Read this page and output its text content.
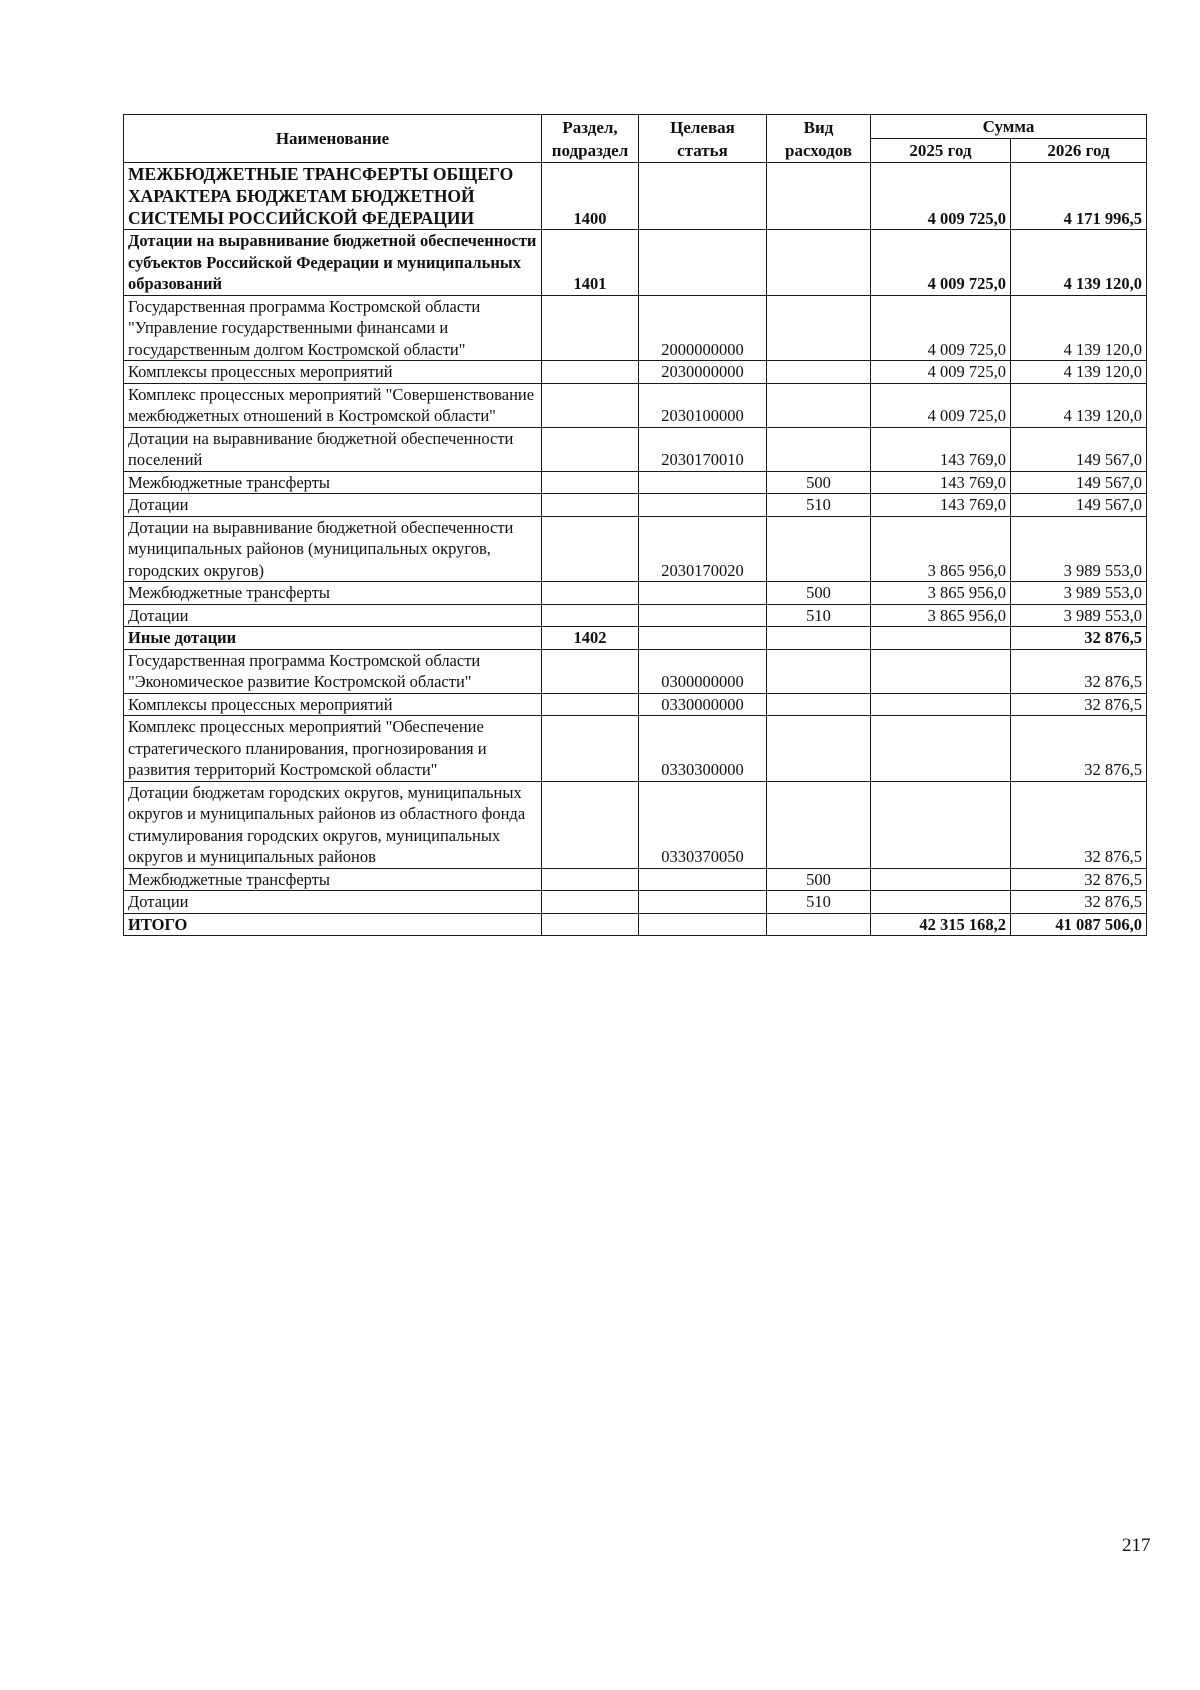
Наименование	Раздел,	Целевая	Вид	Сумма	
	подраздел	статья	расходов	2025 год	2026 год
МЕЖБЮДЖЕТНЫЕ ТРАНСФЕРТЫ ОБЩЕГО ХАРАКТЕРА БЮДЖЕТАМ БЮДЖЕТНОЙ СИСТЕМЫ РОССИЙСКОЙ ФЕДЕРАЦИИ	1400			4 009 725,0	4 171 996,5
Дотации на выравнивание бюджетной обеспеченности субъектов Российской Федерации и муниципальных образований	1401			4 009 725,0	4 139 120,0
Государственная программа Костромской области "Управление государственными финансами и государственным долгом Костромской области"		2000000000		4 009 725,0	4 139 120,0
Комплексы процессных мероприятий		2030000000		4 009 725,0	4 139 120,0
Комплекс процессных мероприятий "Совершенствование межбюджетных отношений в Костромской области"		2030100000		4 009 725,0	4 139 120,0
Дотации на выравнивание бюджетной обеспеченности поселений		2030170010		143 769,0	149 567,0
Межбюджетные трансферты			500	143 769,0	149 567,0
Дотации			510	143 769,0	149 567,0
Дотации на выравнивание бюджетной обеспеченности муниципальных районов (муниципальных округов, городских округов)		2030170020		3 865 956,0	3 989 553,0
Межбюджетные трансферты			500	3 865 956,0	3 989 553,0
Дотации			510	3 865 956,0	3 989 553,0
Иные дотации	1402				32 876,5
Государственная программа Костромской области "Экономическое развитие Костромской области"		0300000000			32 876,5
Комплексы процессных мероприятий		0330000000			32 876,5
Комплекс процессных мероприятий "Обеспечение стратегического планирования, прогнозирования и развития территорий Костромской области"		0330300000			32 876,5
Дотации бюджетам городских округов, муниципальных округов и муниципальных районов из областного фонда стимулирования городских округов, муниципальных округов и муниципальных районов		0330370050			32 876,5
Межбюджетные трансферты			500		32 876,5
Дотации			510		32 876,5
ИТОГО				42 315 168,2	41 087 506,0
217
